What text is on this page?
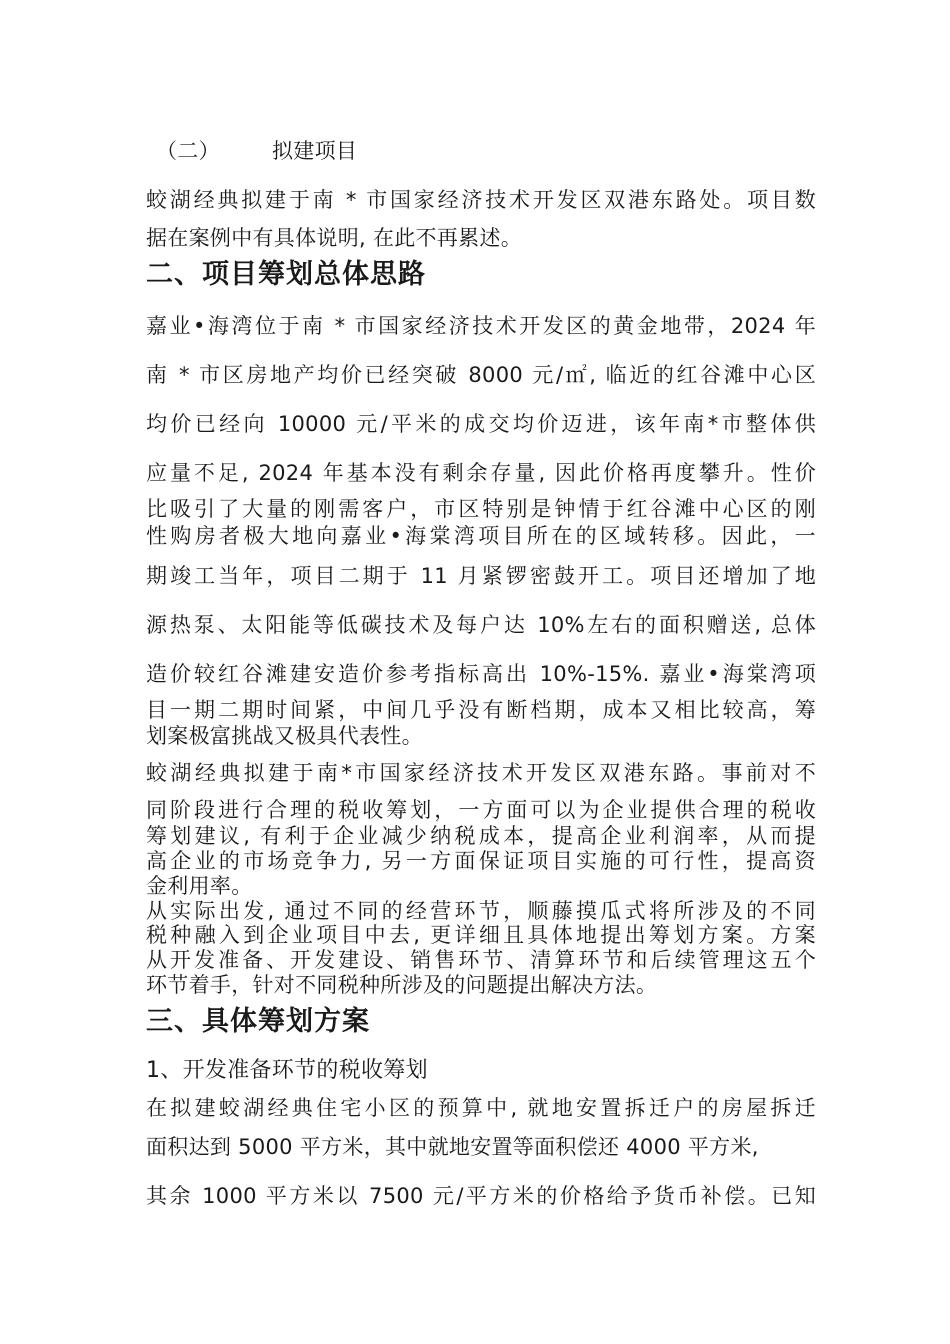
（二） 拟建项目
蛟湖经典拟建于南 * 市国家经济技术开发区双港东路处。项目数
据在案例中有具体说明, 在此不再累述。
二、项目筹划总体思路
嘉业•海湾位于南 * 市国家经济技术开发区的黄金地带，2024 年
南 * 市区房地产均价已经突破 8000 元/㎡, 临近的红谷滩中心区
均价已经向 10000 元/平米的成交均价迈进，该年南*市整体供
应量不足, 2024 年基本没有剩余存量, 因此价格再度攀升。性价
比吸引了大量的刚需客户，市区特别是钟情于红谷滩中心区的刚
性购房者极大地向嘉业•海棠湾项目所在的区域转移。因此，一
期竣工当年，项目二期于 11 月紧锣密鼓开工。项目还增加了地
源热泵、太阳能等低碳技术及每户达 10%左右的面积赠送, 总体
造价较红谷滩建安造价参考指标高出 10%-15%. 嘉业•海棠湾项
目一期二期时间紧，中间几乎没有断档期，成本又相比较高，筹
划案极富挑战又极具代表性。
蛟湖经典拟建于南*市国家经济技术开发区双港东路。事前对不
同阶段进行合理的税收筹划，一方面可以为企业提供合理的税收
筹划建议, 有利于企业减少纳税成本，提高企业利润率，从而提
高企业的市场竞争力, 另一方面保证项目实施的可行性，提高资
金利用率。
从实际出发, 通过不同的经营环节，顺藤摸瓜式将所涉及的不同
税种融入到企业项目中去, 更详细且具体地提出筹划方案。方案
从开发准备、开发建设、销售环节、清算环节和后续管理这五个
环节着手，针对不同税种所涉及的问题提出解决方法。
三、具体筹划方案
1、开发准备环节的税收筹划
在拟建蛟湖经典住宅小区的预算中, 就地安置拆迁户的房屋拆迁
面积达到 5000 平方米，其中就地安置等面积偿还 4000 平方米,
其余 1000 平方米以 7500 元/平方米的价格给予货币补偿。已知
